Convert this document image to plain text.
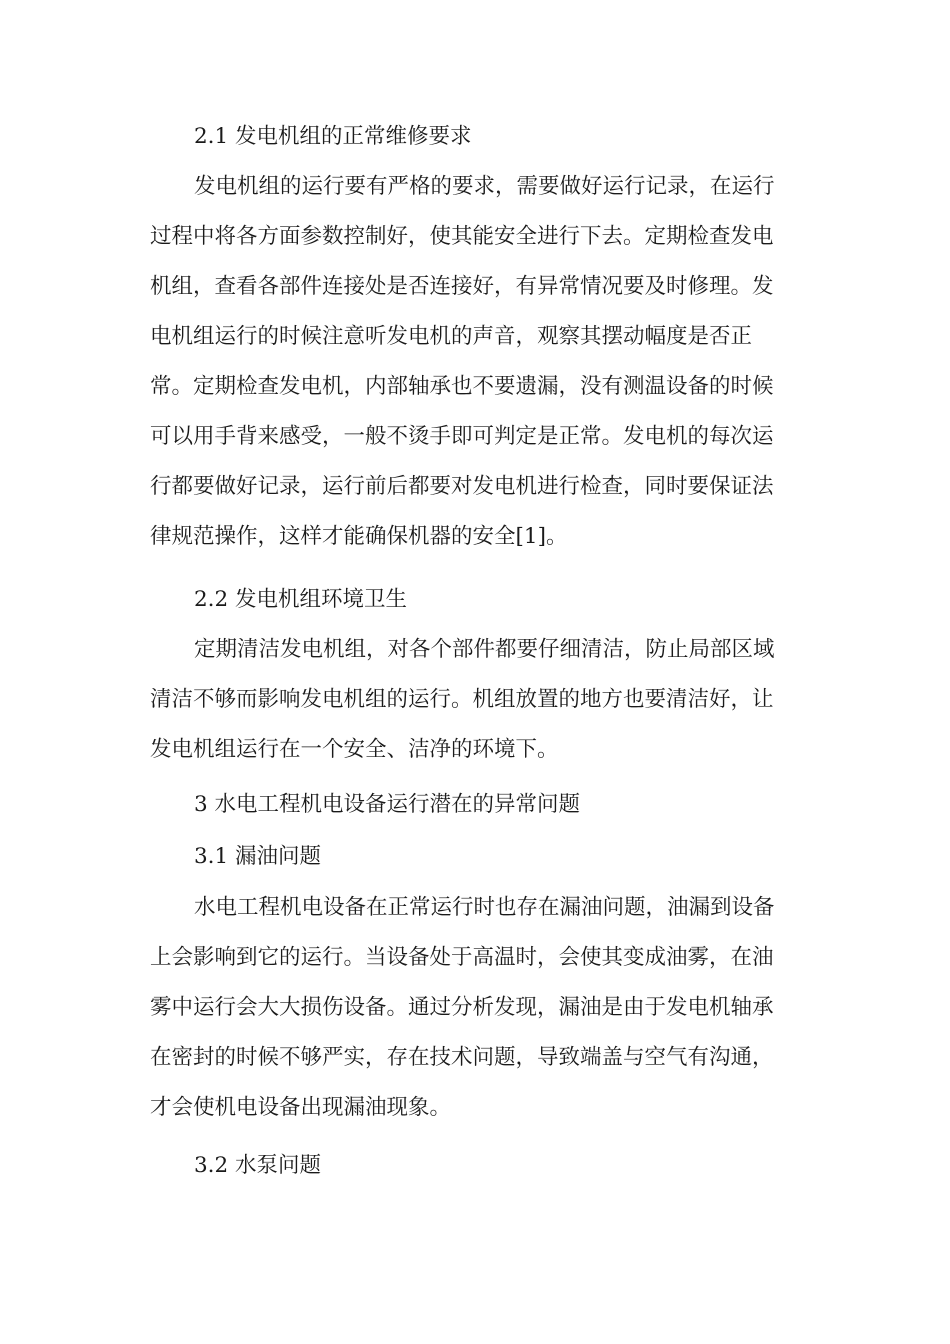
2.1 发电机组的正常维修要求
发电机组的运行要有严格的要求，需要做好运行记录，在运行
过程中将各方面参数控制好，使其能安全进行下去。定期检查发电
机组，查看各部件连接处是否连接好，有异常情况要及时修理。发
电机组运行的时候注意听发电机的声音，观察其摆动幅度是否正
常。定期检查发电机，内部轴承也不要遗漏，没有测温设备的时候
可以用手背来感受，一般不烫手即可判定是正常。发电机的每次运
行都要做好记录，运行前后都要对发电机进行检查，同时要保证法
律规范操作，这样才能确保机器的安全[1]。
2.2 发电机组环境卫生
定期清洁发电机组，对各个部件都要仔细清洁，防止局部区域
清洁不够而影响发电机组的运行。机组放置的地方也要清洁好，让
发电机组运行在一个安全、洁净的环境下。
3 水电工程机电设备运行潜在的异常问题
3.1 漏油问题
水电工程机电设备在正常运行时也存在漏油问题，油漏到设备
上会影响到它的运行。当设备处于高温时，会使其变成油雾，在油
雾中运行会大大损伤设备。通过分析发现，漏油是由于发电机轴承
在密封的时候不够严实，存在技术问题，导致端盖与空气有沟通，
才会使机电设备出现漏油现象。
3.2 水泵问题
